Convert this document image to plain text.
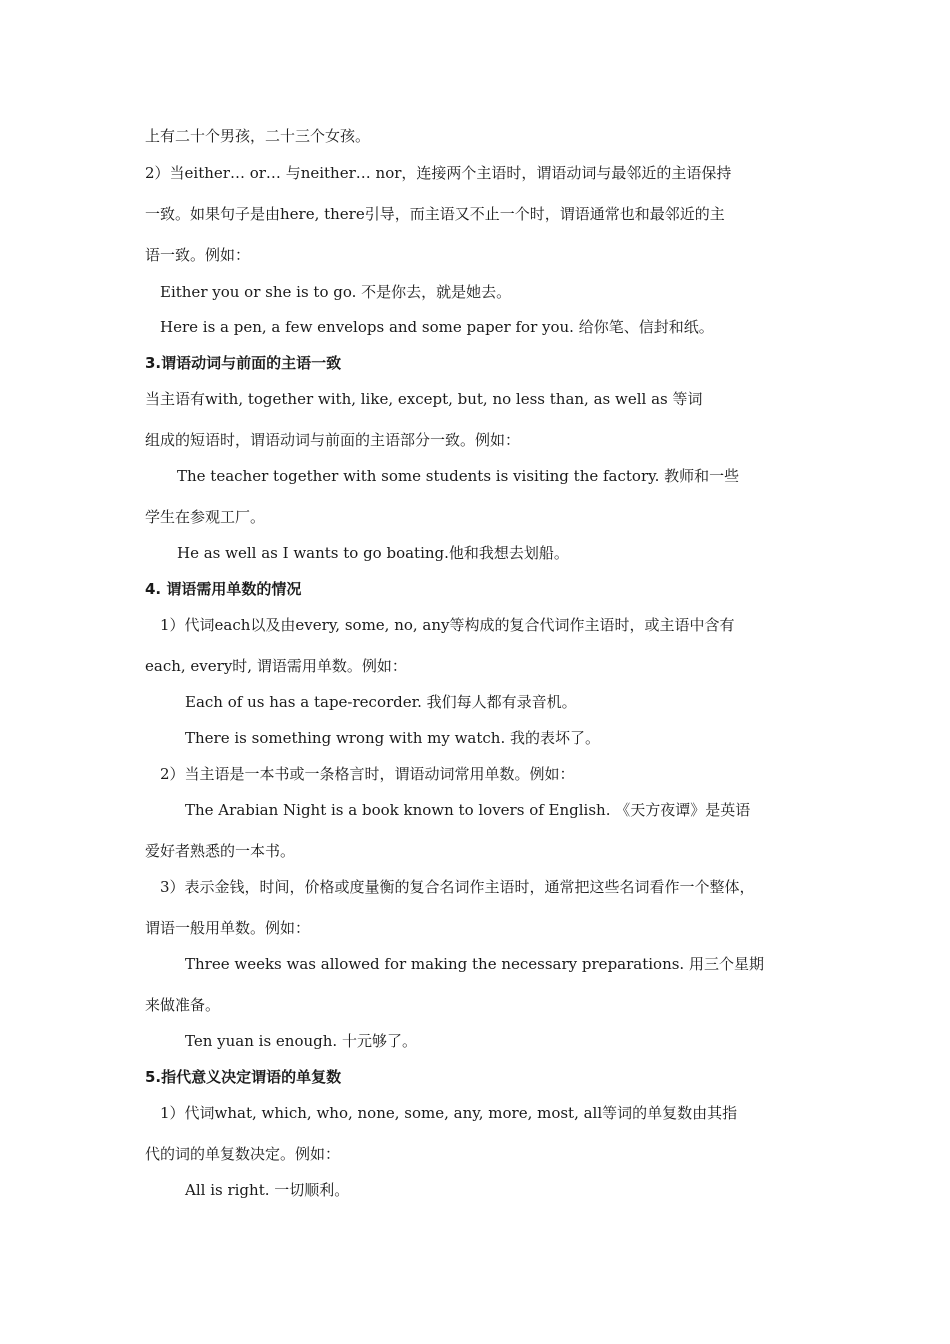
上有二十个男孩，二十三个女孩。
2）当either… or… 与neither… nor，连接两个主语时，谓语动词与最邻近的主语保持
一致。如果句子是由here, there引导，而主语又不止一个时，谓语通常也和最邻近的主
语一致。例如：
Either you or she is to go. 不是你去，就是她去。
Here is a pen, a few envelops and some paper for you. 给你笔、信封和纸。
3.谓语动词与前面的主语一致
当主语有with, together with, like, except, but, no less than, as well as 等词
组成的短语时，谓语动词与前面的主语部分一致。例如：
The teacher together with some students is visiting the factory. 教师和一些
学生在参观工厂。
He as well as I wants to go boating.他和我想去划船。
4. 谓语需用单数的情况
1）代词each以及由every, some, no, any等构成的复合代词作主语时，或主语中含有
each, every时, 谓语需用单数。例如：
Each of us has a tape-recorder. 我们每人都有录音机。
There is something wrong with my watch. 我的表坏了。
2）当主语是一本书或一条格言时，谓语动词常用单数。例如：
The Arabian Night is a book known to lovers of English. 《天方夜谭》是英语
爱好者熟悉的一本书。
3）表示金钱，时间，价格或度量衡的复合名词作主语时，通常把这些名词看作一个整体，
谓语一般用单数。例如：
Three weeks was allowed for making the necessary preparations. 用三个星期
来做准备。
Ten yuan is enough. 十元够了。
5.指代意义决定谓语的单复数
1）代词what, which, who, none, some, any, more, most, all等词的单复数由其指
代的词的单复数决定。例如：
All is right. 一切顺利。
